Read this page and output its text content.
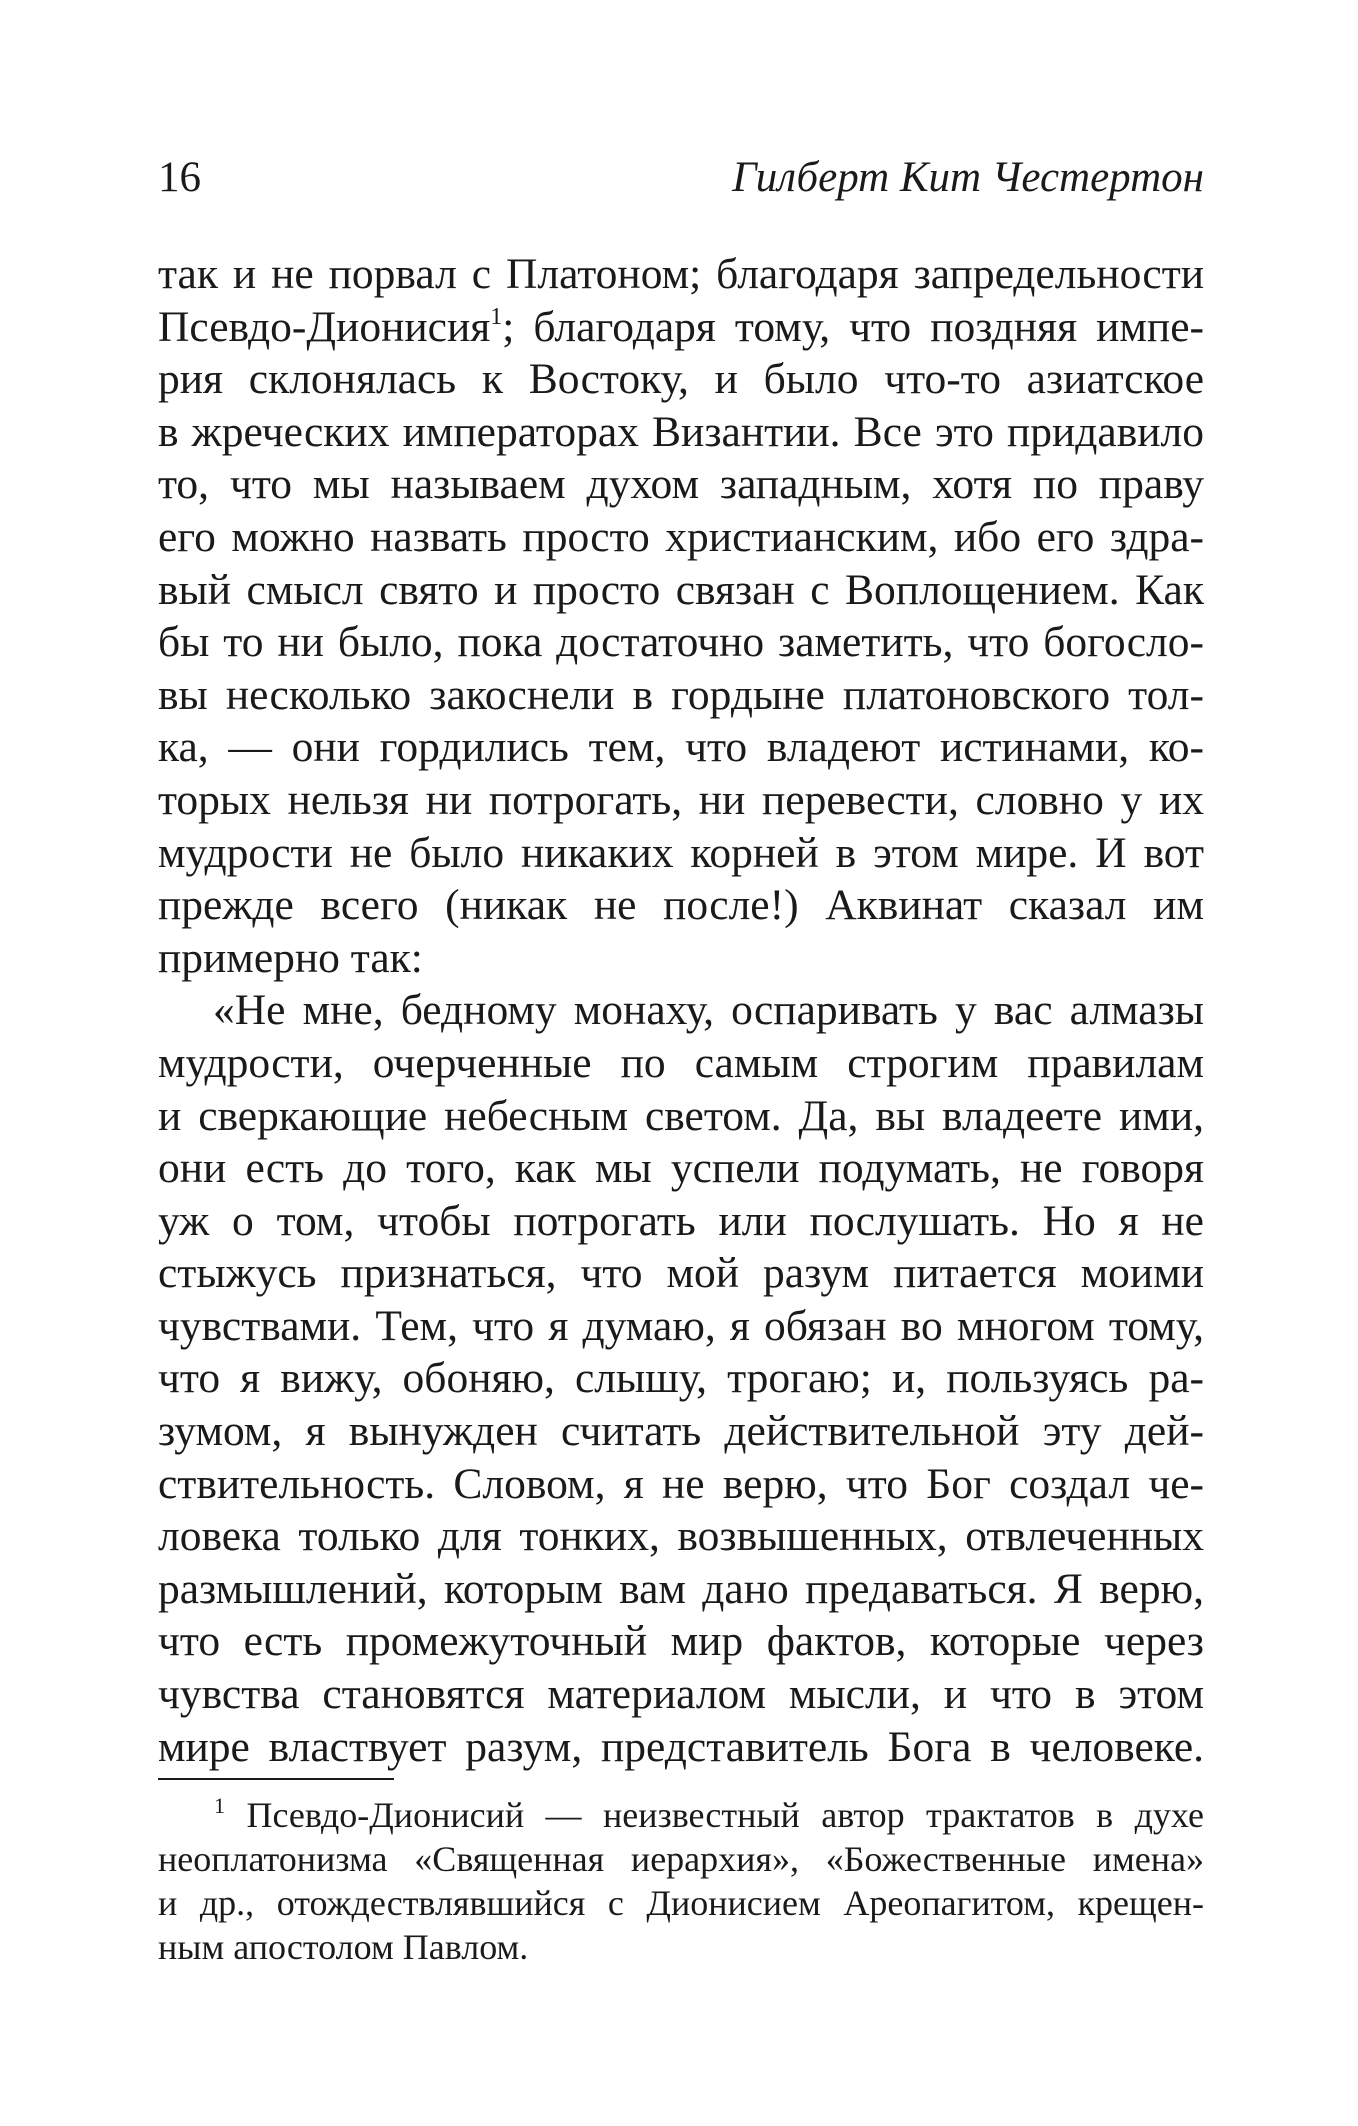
16	Гилберт Кит Честертон

так и не порвал с Платоном; благодаря запредельности
Псевдо-Дионисия$^1$; благодаря тому, что поздняя импе-
рия склонялась к Востоку, и было что-то азиатское
в жреческих императорах Византии. Все это придавило
то, что мы называем духом западным, хотя по праву
его можно назвать просто христианским, ибо его здра-
вый смысл свято и просто связан с Воплощением. Как
бы то ни было, пока достаточно заметить, что богосло-
вы несколько закоснели в гордыне платоновского тол-
ка, — они гордились тем, что владеют истинами, ко-
торых нельзя ни потрогать, ни перевести, словно у их
мудрости не было никаких корней в этом мире. И вот
прежде всего (никак не после!) Аквинат сказал им
примерно так:

«Не мне, бедному монаху, оспаривать у вас алмазы
мудрости, очерченные по самым строгим правилам
и сверкающие небесным светом. Да, вы владеете ими,
они есть до того, как мы успели подумать, не говоря
уж о том, чтобы потрогать или послушать. Но я не
стыжусь признаться, что мой разум питается моими
чувствами. Тем, что я думаю, я обязан во многом тому,
что я вижу, обоняю, слышу, трогаю; и, пользуясь ра-
зумом, я вынужден считать действительной эту дей-
ствительность. Словом, я не верю, что Бог создал че-
ловека только для тонких, возвышенных, отвлеченных
размышлений, которым вам дано предаваться. Я верю,
что есть промежуточный мир фактов, которые через
чувства становятся материалом мысли, и что в этом
мире властвует разум, представитель Бога в человеке.

$^1$ Псевдо-Дионисий — неизвестный автор трактатов в духе
неоплатонизма «Священная иерархия», «Божественные имена»
и др., отождествлявшийся с Дионисием Ареопагитом, крещен-
ным апостолом Павлом.
